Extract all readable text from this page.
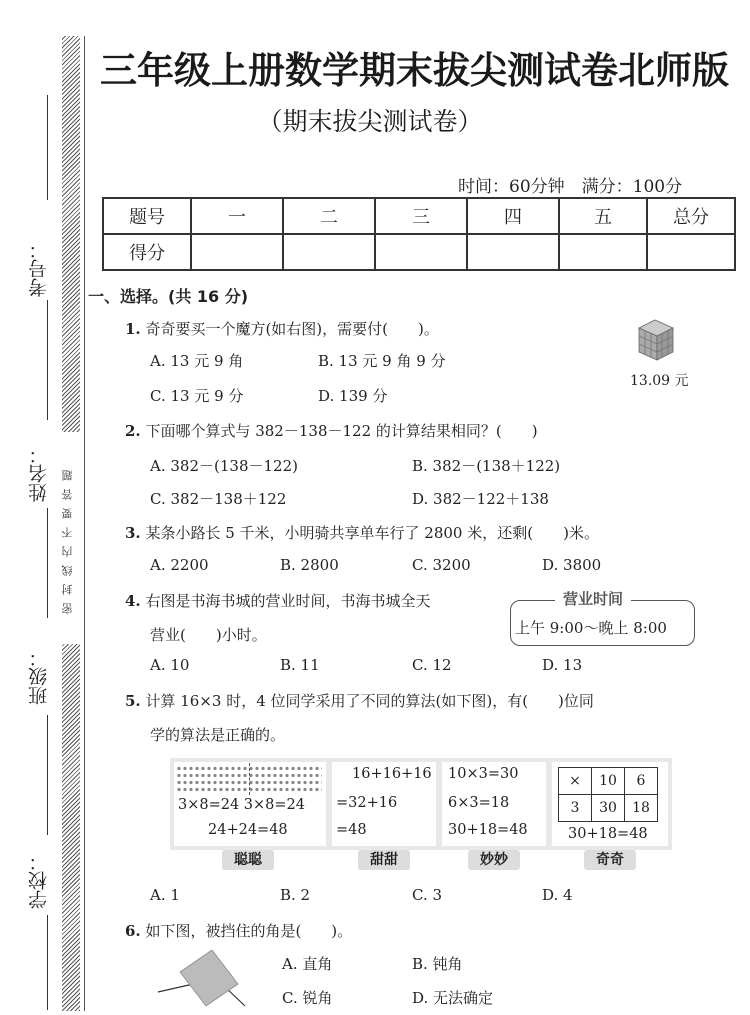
密封线内不要答题
考号：
姓名：
班级：
学校：
三年级上册数学期末拔尖测试卷北师版
（期末拔尖测试卷）
时间：60分钟　满分：100分
题号	一	二	三	四	五	总分
得分						
一、选择。(共 16 分)
1. 奇奇要买一个魔方(如右图)，需要付(　　)。
A. 13 元 9 角	B. 13 元 9 角 9 分
C. 13 元 9 分	D. 139 分
13.09 元
2. 下面哪个算式与 382－138－122 的计算结果相同？(　　)
A. 382－(138－122)	B. 382－(138＋122)
C. 382－138＋122	D. 382－122＋138
3. 某条小路长 5 千米，小明骑共享单车行了 2800 米，还剩(　　)米。
A. 2200	B. 2800	C. 3200	D. 3800
4. 右图是书海书城的营业时间，书海书城全天
营业(　　)小时。
营业时间
上午 9:00～晚上 8:00
A. 10	B. 11	C. 12	D. 13
5. 计算 16×3 时，4 位同学采用了不同的算法(如下图)，有(　　)位同
学的算法是正确的。
3×8=24 3×8=24
24+24=48
16+16+16
=32+16
=48
10×3=30
6×3=18
30+18=48
×	10	6
3	30	18
30+18=48
聪聪	甜甜	妙妙	奇奇
A. 1	B. 2	C. 3	D. 4
6. 如下图，被挡住的角是(　　)。
A. 直角	B. 钝角
C. 锐角	D. 无法确定
